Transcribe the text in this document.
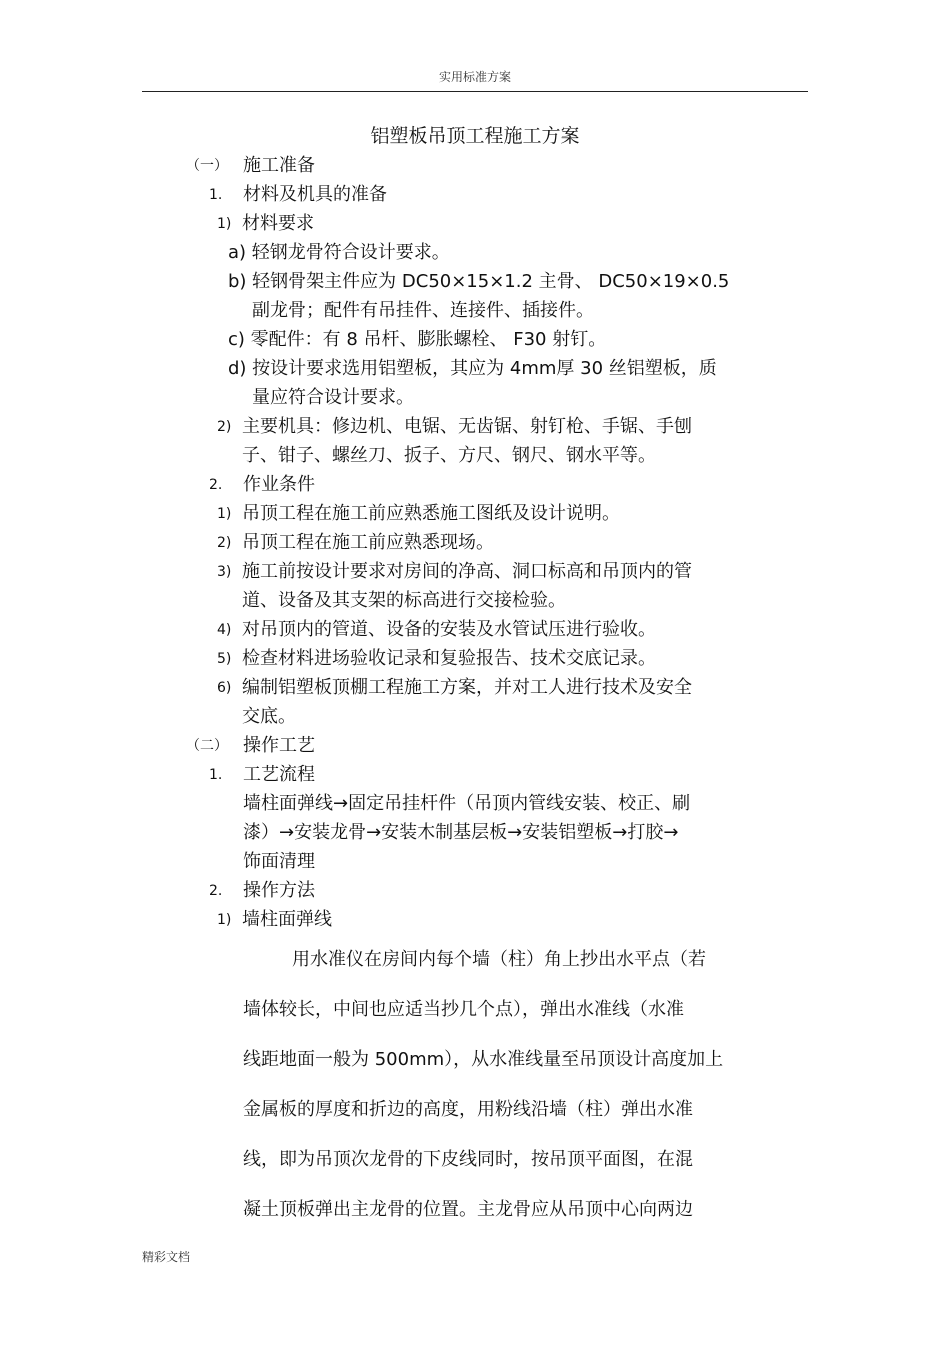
实用标准方案
铝塑板吊顶工程施工方案
（一） 施工准备
1. 材料及机具的准备
1) 材料要求
a) 轻钢龙骨符合设计要求。
b) 轻钢骨架主件应为 DC50×15×1.2 主骨、 DC50×19×0.5
副龙骨；配件有吊挂件、连接件、插接件。
c) 零配件：有 8 吊杆、膨胀螺栓、 F30 射钉。
d) 按设计要求选用铝塑板，其应为 4mm厚 30 丝铝塑板，质
量应符合设计要求。
2) 主要机具：修边机、电锯、无齿锯、射钉枪、手锯、手刨
子、钳子、螺丝刀、扳子、方尺、钢尺、钢水平等。
2. 作业条件
1) 吊顶工程在施工前应熟悉施工图纸及设计说明。
2) 吊顶工程在施工前应熟悉现场。
3) 施工前按设计要求对房间的净高、洞口标高和吊顶内的管
道、设备及其支架的标高进行交接检验。
4) 对吊顶内的管道、设备的安装及水管试压进行验收。
5) 检查材料进场验收记录和复验报告、技术交底记录。
6) 编制铝塑板顶棚工程施工方案，并对工人进行技术及安全
交底。
（二） 操作工艺
1. 工艺流程
墙柱面弹线→固定吊挂杆件（吊顶内管线安装、校正、刷
漆）→安装龙骨→安装木制基层板→安装铝塑板→打胶→
饰面清理
2. 操作方法
1) 墙柱面弹线
用水准仪在房间内每个墙（柱）角上抄出水平点（若
墙体较长，中间也应适当抄几个点），弹出水准线（水准
线距地面一般为 500mm），从水准线量至吊顶设计高度加上
金属板的厚度和折边的高度，用粉线沿墙（柱）弹出水准
线，即为吊顶次龙骨的下皮线同时，按吊顶平面图，在混
凝土顶板弹出主龙骨的位置。主龙骨应从吊顶中心向两边
精彩文档
